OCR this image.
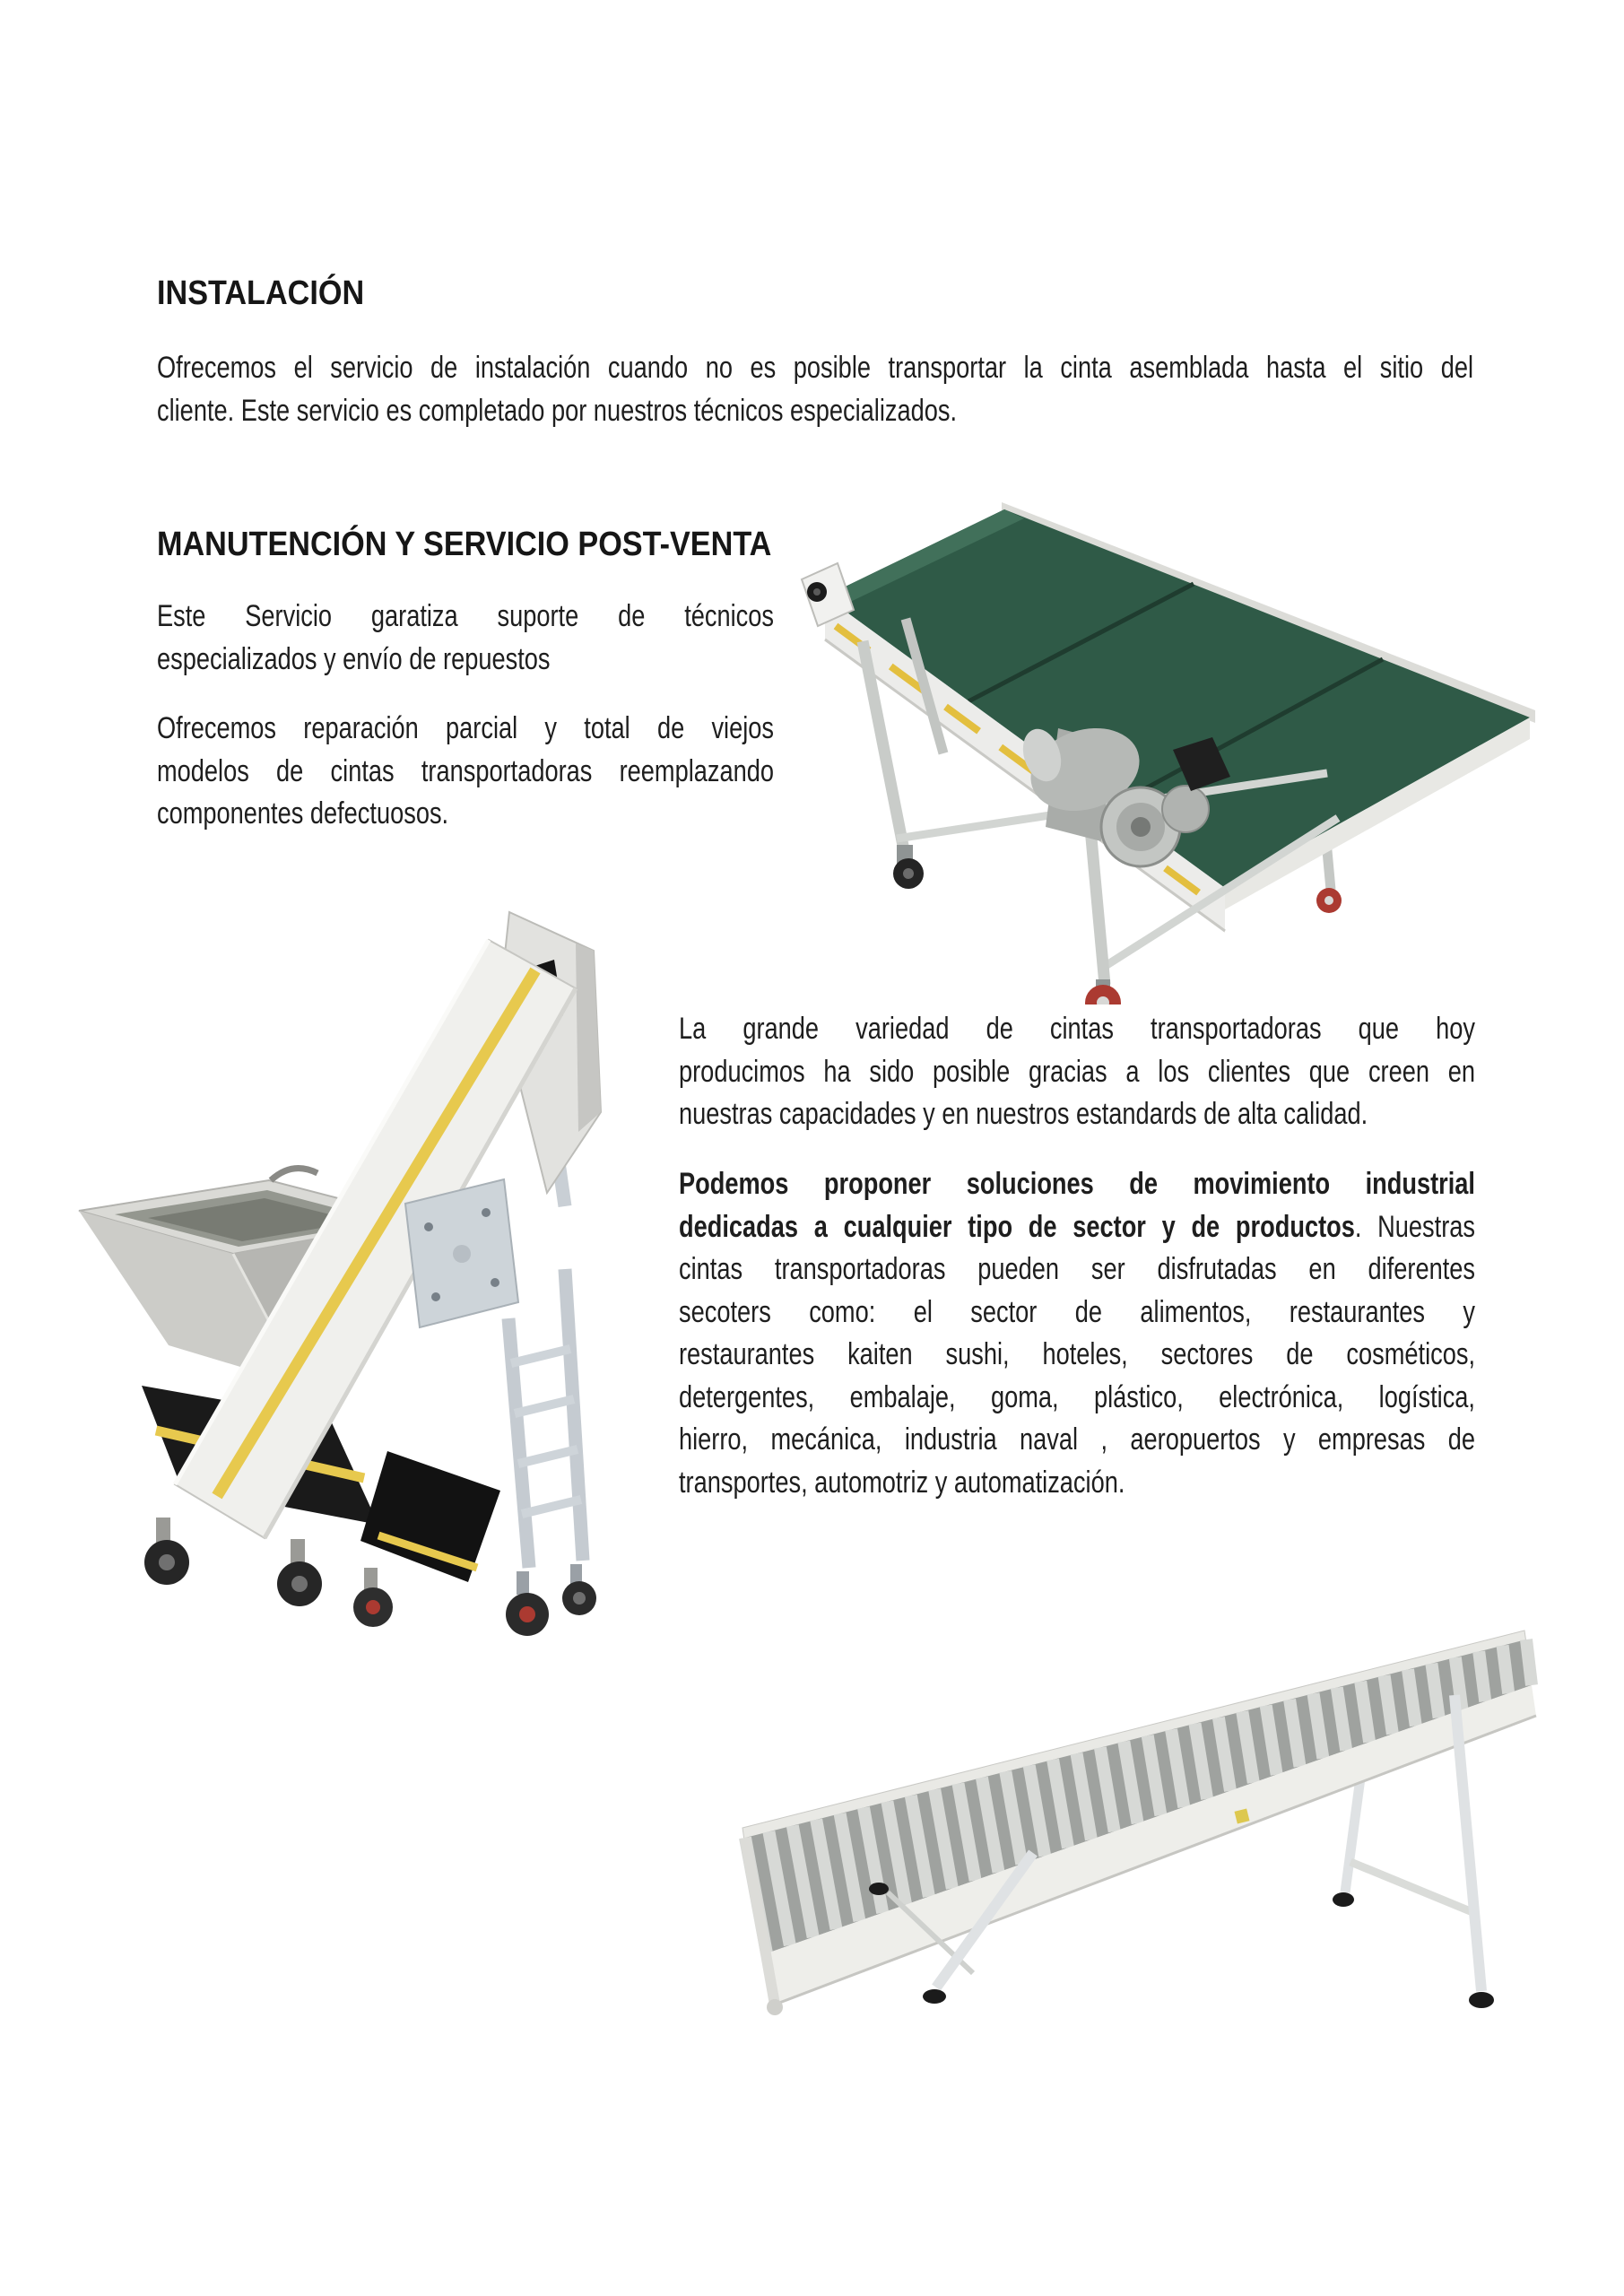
INSTALACIÓN
Ofrecemos el servicio de instalación cuando no es posible transportar la cinta asemblada hasta el sitio del
cliente. Este servicio es completado por nuestros técnicos especializados.
MANUTENCIÓN Y SERVICIO POST-VENTA
Este Servicio garatiza suporte de técnicos
especializados y envío de repuestos
Ofrecemos reparación parcial y total de viejos
modelos de cintas transportadoras reemplazando
componentes defectuosos.
La grande variedad de cintas transportadoras que hoy
producimos ha sido posible gracias a los clientes que creen en
nuestras capacidades y en nuestros estandards de alta calidad.
Podemos proponer soluciones de movimiento industrial
dedicadas a cualquier tipo de sector y de productos. Nuestras
cintas transportadoras pueden ser disfrutadas en diferentes
secoters como: el sector de alimentos, restaurantes y
restaurantes kaiten sushi, hoteles, sectores de cosméticos,
detergentes, embalaje, goma, plástico, electrónica, logística,
hierro, mecánica, industria naval , aeropuertos y empresas de
transportes, automotriz y automatización.
